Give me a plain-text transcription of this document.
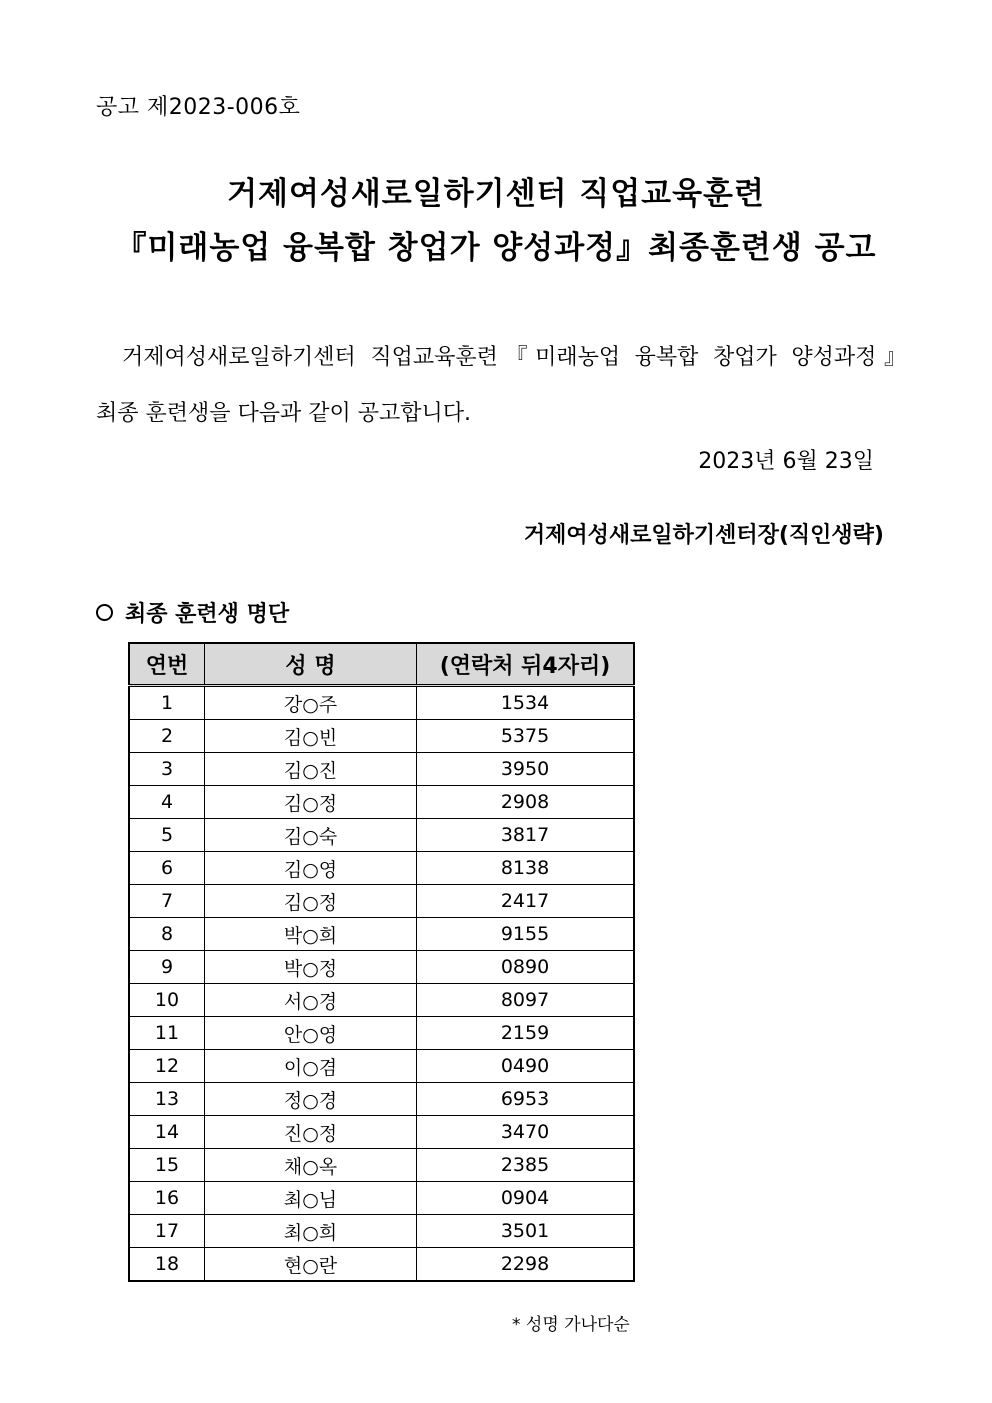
공고 제2023-006호
거제여성새로일하기센터 직업교육훈련
『미래농업 융복합 창업가 양성과정』최종훈련생 공고
거제여성새로일하기센터 직업교육훈련『미래농업 융복합 창업가 양성과정』
최종 훈련생을 다음과 같이 공고합니다.
2023년 6월 23일
거제여성새로일하기센터장(직인생략)
최종 훈련생 명단
연번	성 명	(연락처 뒤4자리)
1	강○주	1534
2	김○빈	5375
3	김○진	3950
4	김○정	2908
5	김○숙	3817
6	김○영	8138
7	김○정	2417
8	박○희	9155
9	박○정	0890
10	서○경	8097
11	안○영	2159
12	이○겸	0490
13	정○경	6953
14	진○정	3470
15	채○옥	2385
16	최○님	0904
17	최○희	3501
18	현○란	2298
* 성명 가나다순
